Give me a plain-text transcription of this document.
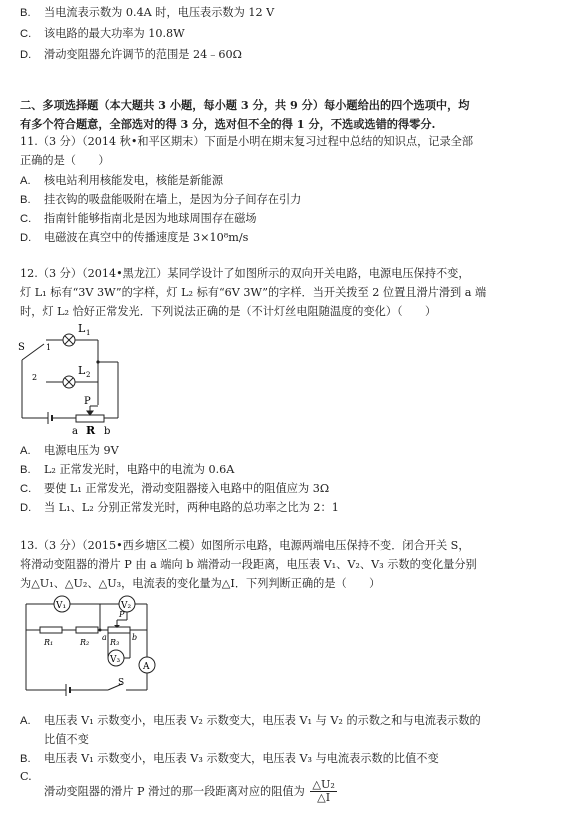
B. 当电流表示数为 0.4A 时，电压表示数为 12 V
C. 该电路的最大功率为 10.8W
D. 滑动变阻器允许调节的范围是 24﹣60Ω
二、多项选择题（本大题共 3 小题，每小题 3 分，共 9 分）每小题给出的四个选项中，均
有多个符合题意，全部选对的得 3 分，选对但不全的得 1 分，不选或选错的得零分.
11.（3 分）（2014 秋•和平区期末）下面是小明在期末复习过程中总结的知识点，记录全部
正确的是（　　）
A. 核电站利用核能发电，核能是新能源
B. 挂衣钩的吸盘能吸附在墙上，是因为分子间存在引力
C. 指南针能够指南北是因为地球周围存在磁场
D. 电磁波在真空中的传播速度是 3×10⁸m/s
12.（3 分）（2014•黑龙江）某同学设计了如图所示的双向开关电路，电源电压保持不变，
灯 L₁ 标有“3V 3W”的字样，灯 L₂ 标有“6V 3W”的字样．当开关拨至 2 位置且滑片滑到 a 端
时，灯 L₂ 恰好正常发光．下列说法正确的是（不计灯丝电阻随温度的变化）（　　）
L 1
L 2
S	1
2
P
a R b
A. 电源电压为 9V
B. L₂ 正常发光时，电路中的电流为 0.6A
C. 要使 L₁ 正常发光，滑动变阻器接入电路中的阻值应为 3Ω
D. 当 L₁、L₂ 分别正常发光时，两种电路的总功率之比为 2：1
13.（3 分）（2015•西乡塘区二模）如图所示电路，电源两端电压保持不变．闭合开关 S，
将滑动变阻器的滑片 P 由 a 端向 b 端滑动一段距离，电压表 V₁、V₂、V₃ 示数的变化量分别
为△U₁、△U₂、△U₃，电流表的变化量为△I．下列判断正确的是（　　）
V₁	V₂
V₃
A
R₁	R₂	R₃
P
a	b
S
A. 电压表 V₁ 示数变小，电压表 V₂ 示数变大，电压表 V₁ 与 V₂ 的示数之和与电流表示数的
比值不变
B. 电压表 V₁ 示数变小，电压表 V₃ 示数变大，电压表 V₃ 与电流表示数的比值不变
C.
滑动变阻器的滑片 P 滑过的那一段距离对应的阻值为 $\frac{\text{△U₂}}{\triangle I}$
